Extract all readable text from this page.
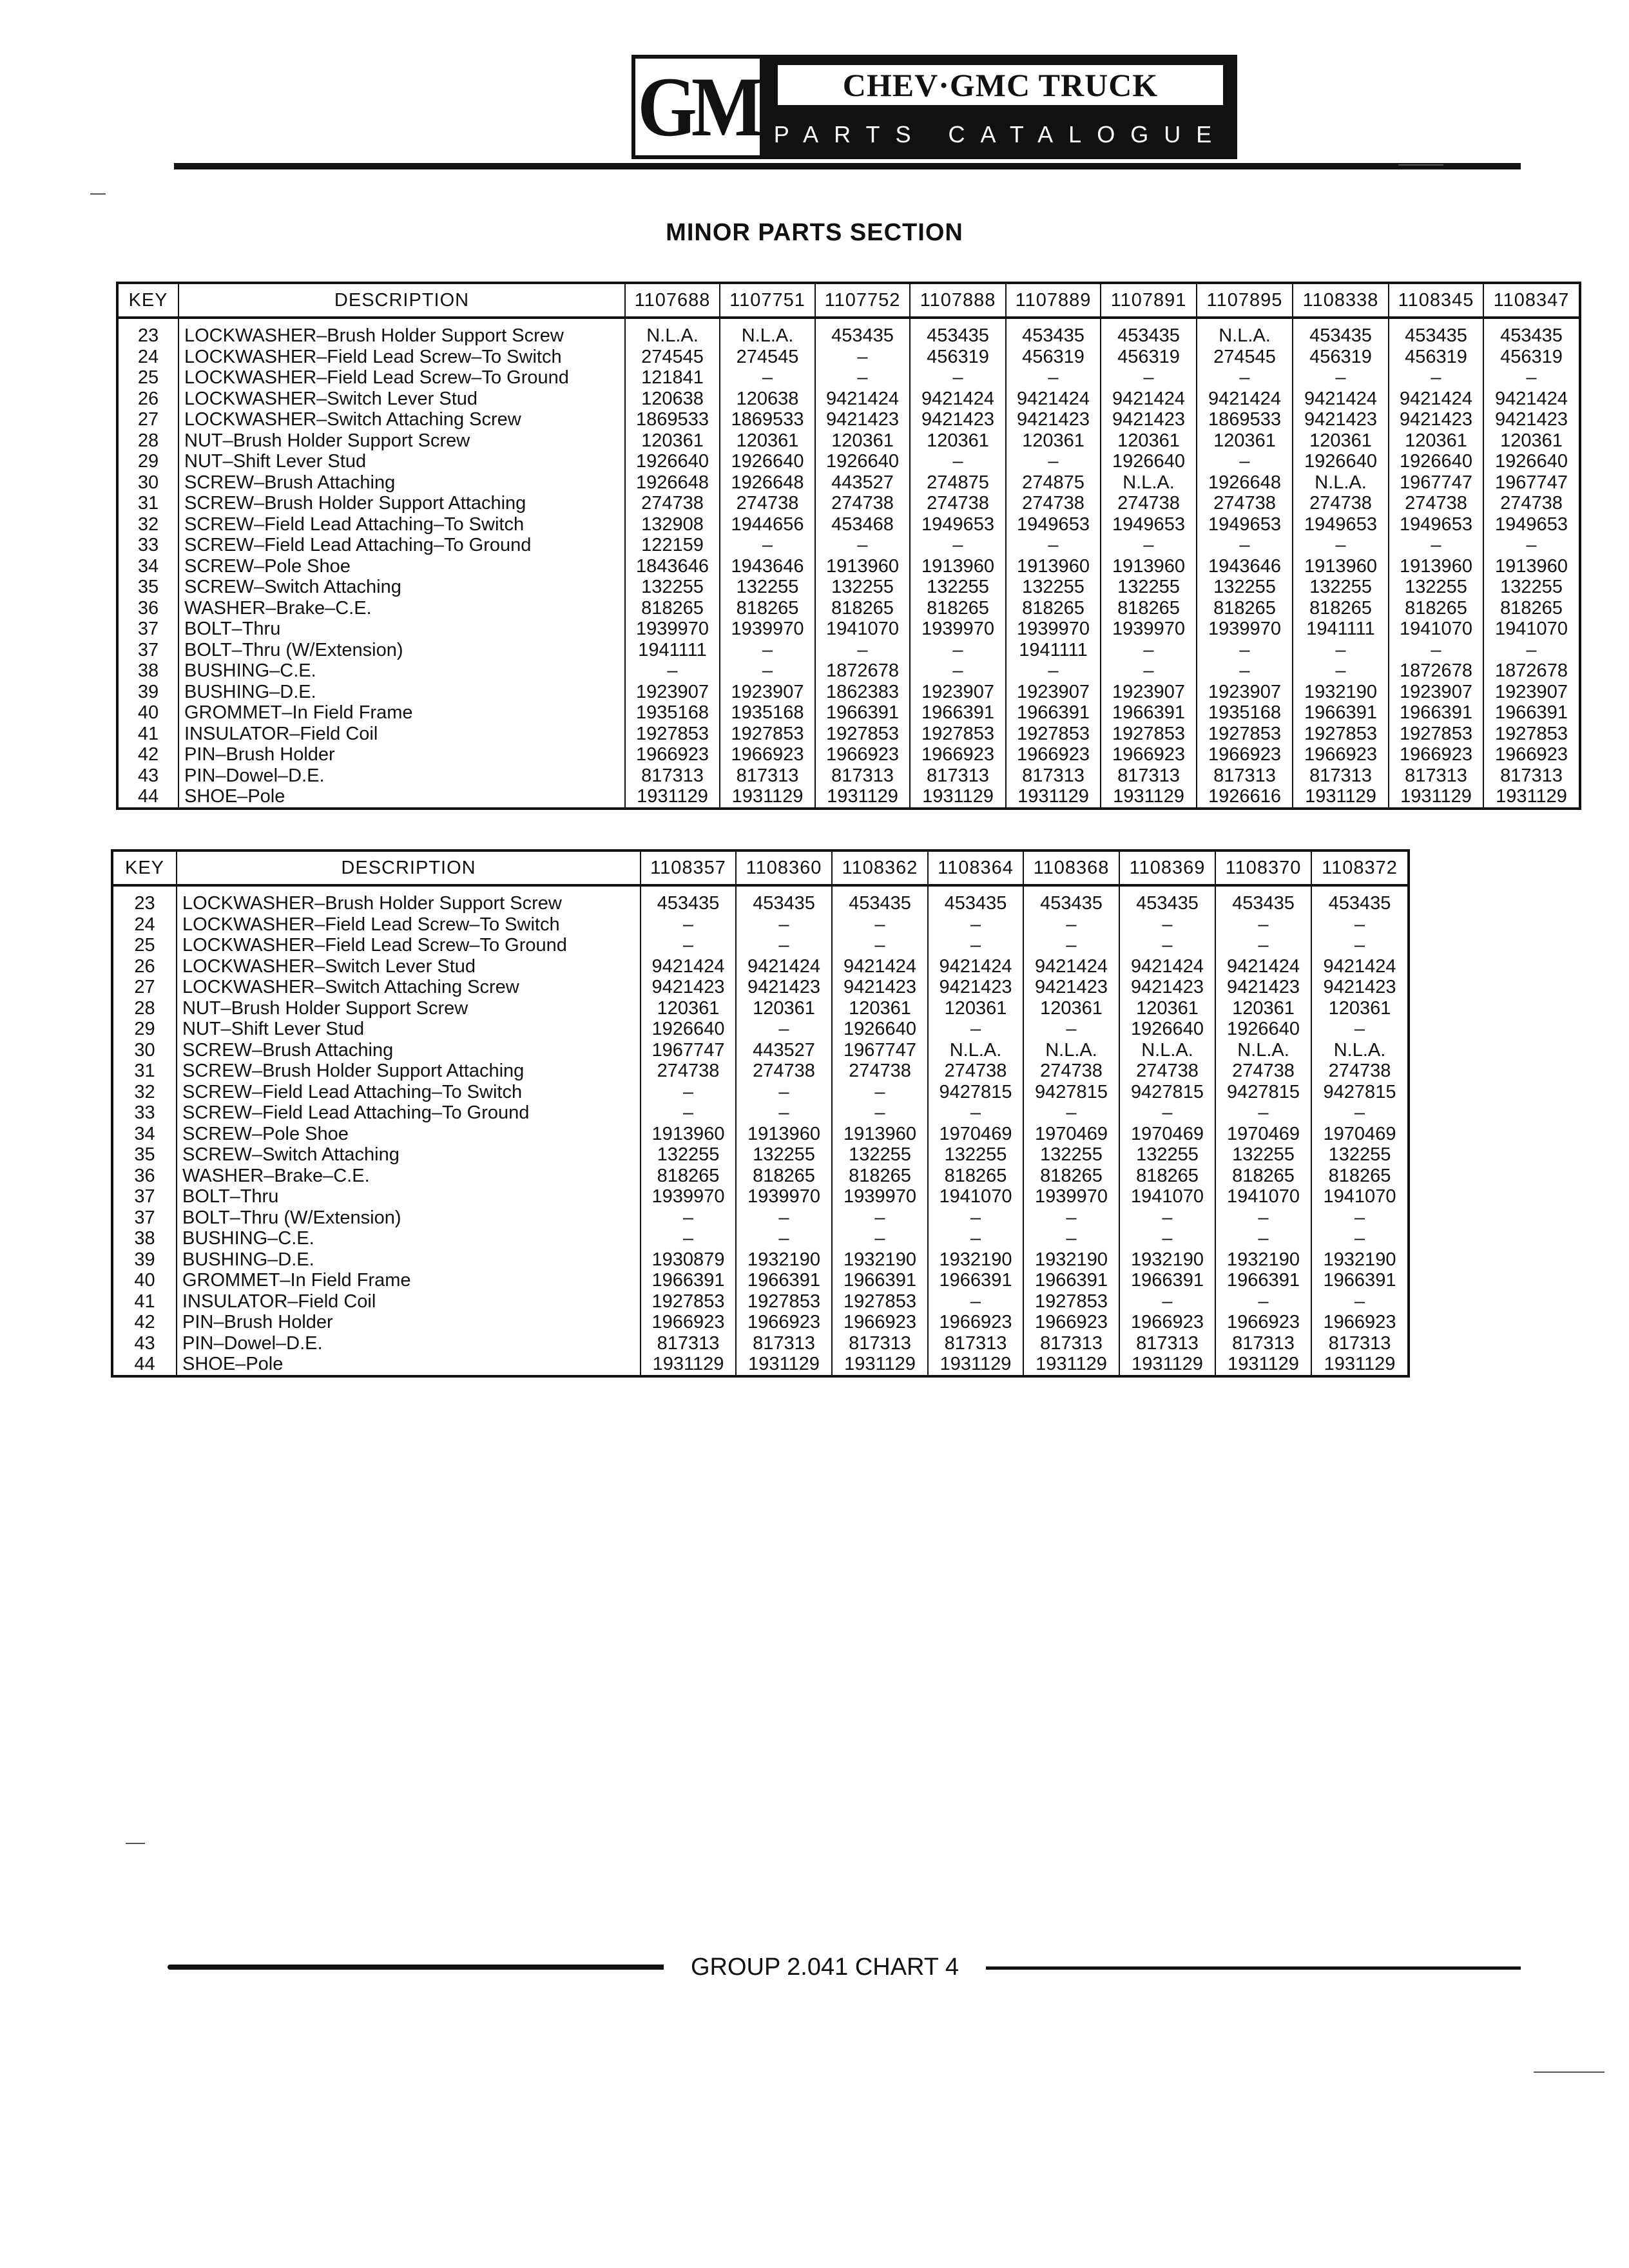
GM	CHEV·GMC TRUCK
PARTS CATALOGUE
MINOR PARTS SECTION
KEY	DESCRIPTION	1107688	1107751	1107752	1107888	1107889	1107891	1107895	1108338	1108345	1108347
23	LOCKWASHER–Brush Holder Support Screw	N.L.A.	N.L.A.	453435	453435	453435	453435	N.L.A.	453435	453435	453435
24	LOCKWASHER–Field Lead Screw–To Switch	274545	274545	–	456319	456319	456319	274545	456319	456319	456319
25	LOCKWASHER–Field Lead Screw–To Ground	121841	–	–	–	–	–	–	–	–	–
26	LOCKWASHER–Switch Lever Stud	120638	120638	9421424	9421424	9421424	9421424	9421424	9421424	9421424	9421424
27	LOCKWASHER–Switch Attaching Screw	1869533	1869533	9421423	9421423	9421423	9421423	1869533	9421423	9421423	9421423
28	NUT–Brush Holder Support Screw	120361	120361	120361	120361	120361	120361	120361	120361	120361	120361
29	NUT–Shift Lever Stud	1926640	1926640	1926640	–	–	1926640	–	1926640	1926640	1926640
30	SCREW–Brush Attaching	1926648	1926648	443527	274875	274875	N.L.A.	1926648	N.L.A.	1967747	1967747
31	SCREW–Brush Holder Support Attaching	274738	274738	274738	274738	274738	274738	274738	274738	274738	274738
32	SCREW–Field Lead Attaching–To Switch	132908	1944656	453468	1949653	1949653	1949653	1949653	1949653	1949653	1949653
33	SCREW–Field Lead Attaching–To Ground	122159	–	–	–	–	–	–	–	–	–
34	SCREW–Pole Shoe	1843646	1943646	1913960	1913960	1913960	1913960	1943646	1913960	1913960	1913960
35	SCREW–Switch Attaching	132255	132255	132255	132255	132255	132255	132255	132255	132255	132255
36	WASHER–Brake–C.E.	818265	818265	818265	818265	818265	818265	818265	818265	818265	818265
37	BOLT–Thru	1939970	1939970	1941070	1939970	1939970	1939970	1939970	1941111	1941070	1941070
37	BOLT–Thru (W/Extension)	1941111	–	–	–	1941111	–	–	–	–	–
38	BUSHING–C.E.	–	–	1872678	–	–	–	–	–	1872678	1872678
39	BUSHING–D.E.	1923907	1923907	1862383	1923907	1923907	1923907	1923907	1932190	1923907	1923907
40	GROMMET–In Field Frame	1935168	1935168	1966391	1966391	1966391	1966391	1935168	1966391	1966391	1966391
41	INSULATOR–Field Coil	1927853	1927853	1927853	1927853	1927853	1927853	1927853	1927853	1927853	1927853
42	PIN–Brush Holder	1966923	1966923	1966923	1966923	1966923	1966923	1966923	1966923	1966923	1966923
43	PIN–Dowel–D.E.	817313	817313	817313	817313	817313	817313	817313	817313	817313	817313
44	SHOE–Pole	1931129	1931129	1931129	1931129	1931129	1931129	1926616	1931129	1931129	1931129
KEY	DESCRIPTION	1108357	1108360	1108362	1108364	1108368	1108369	1108370	1108372
23	LOCKWASHER–Brush Holder Support Screw	453435	453435	453435	453435	453435	453435	453435	453435
24	LOCKWASHER–Field Lead Screw–To Switch	–	–	–	–	–	–	–	–
25	LOCKWASHER–Field Lead Screw–To Ground	–	–	–	–	–	–	–	–
26	LOCKWASHER–Switch Lever Stud	9421424	9421424	9421424	9421424	9421424	9421424	9421424	9421424
27	LOCKWASHER–Switch Attaching Screw	9421423	9421423	9421423	9421423	9421423	9421423	9421423	9421423
28	NUT–Brush Holder Support Screw	120361	120361	120361	120361	120361	120361	120361	120361
29	NUT–Shift Lever Stud	1926640	–	1926640	–	–	1926640	1926640	–
30	SCREW–Brush Attaching	1967747	443527	1967747	N.L.A.	N.L.A.	N.L.A.	N.L.A.	N.L.A.
31	SCREW–Brush Holder Support Attaching	274738	274738	274738	274738	274738	274738	274738	274738
32	SCREW–Field Lead Attaching–To Switch	–	–	–	9427815	9427815	9427815	9427815	9427815
33	SCREW–Field Lead Attaching–To Ground	–	–	–	–	–	–	–	–
34	SCREW–Pole Shoe	1913960	1913960	1913960	1970469	1970469	1970469	1970469	1970469
35	SCREW–Switch Attaching	132255	132255	132255	132255	132255	132255	132255	132255
36	WASHER–Brake–C.E.	818265	818265	818265	818265	818265	818265	818265	818265
37	BOLT–Thru	1939970	1939970	1939970	1941070	1939970	1941070	1941070	1941070
37	BOLT–Thru (W/Extension)	–	–	–	–	–	–	–	–
38	BUSHING–C.E.	–	–	–	–	–	–	–	–
39	BUSHING–D.E.	1930879	1932190	1932190	1932190	1932190	1932190	1932190	1932190
40	GROMMET–In Field Frame	1966391	1966391	1966391	1966391	1966391	1966391	1966391	1966391
41	INSULATOR–Field Coil	1927853	1927853	1927853	–	1927853	–	–	–
42	PIN–Brush Holder	1966923	1966923	1966923	1966923	1966923	1966923	1966923	1966923
43	PIN–Dowel–D.E.	817313	817313	817313	817313	817313	817313	817313	817313
44	SHOE–Pole	1931129	1931129	1931129	1931129	1931129	1931129	1931129	1931129
GROUP 2.041 CHART 4
